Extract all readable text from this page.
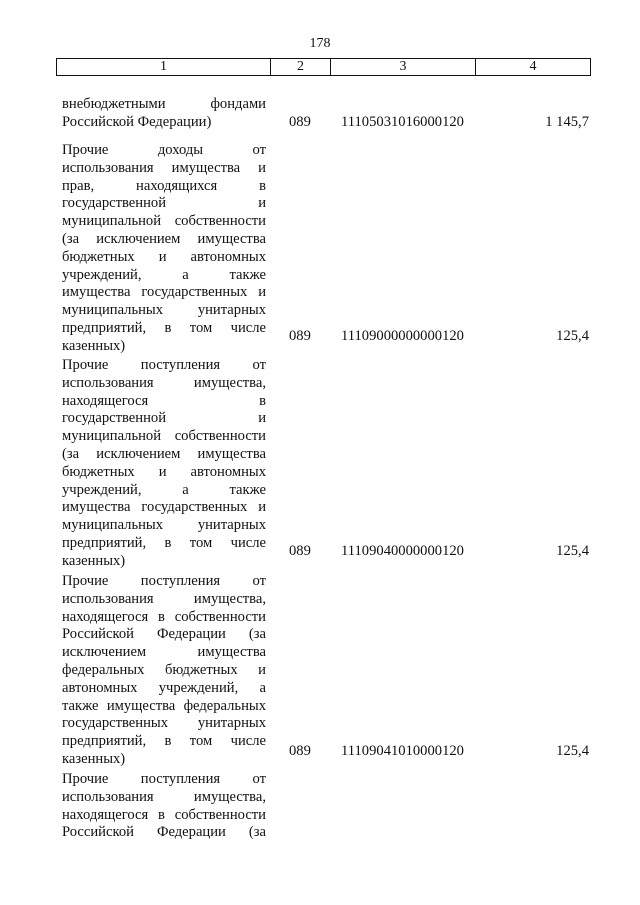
178
1	2	3	4
внебюджетными фондами
Российской Федерации)	089	11105031016000120	1 145,7
Прочие доходы от
использования имущества и
прав, находящихся в
государственной и
муниципальной собственности
(за исключением имущества
бюджетных и автономных
учреждений, а также
имущества государственных и
муниципальных унитарных
предприятий, в том числе
казенных)
089	11109000000000120	125,4
Прочие поступления от
использования имущества,
находящегося в
государственной и
муниципальной собственности
(за исключением имущества
бюджетных и автономных
учреждений, а также
имущества государственных и
муниципальных унитарных
предприятий, в том числе
казенных)
089	11109040000000120	125,4
Прочие поступления от
использования имущества,
находящегося в собственности
Российской Федерации (за
исключением имущества
федеральных бюджетных и
автономных учреждений, а
также имущества федеральных
государственных унитарных
предприятий, в том числе
казенных)	089	11109041010000120	125,4
Прочие поступления от
использования имущества,
находящегося в собственности
Российской Федерации (за
